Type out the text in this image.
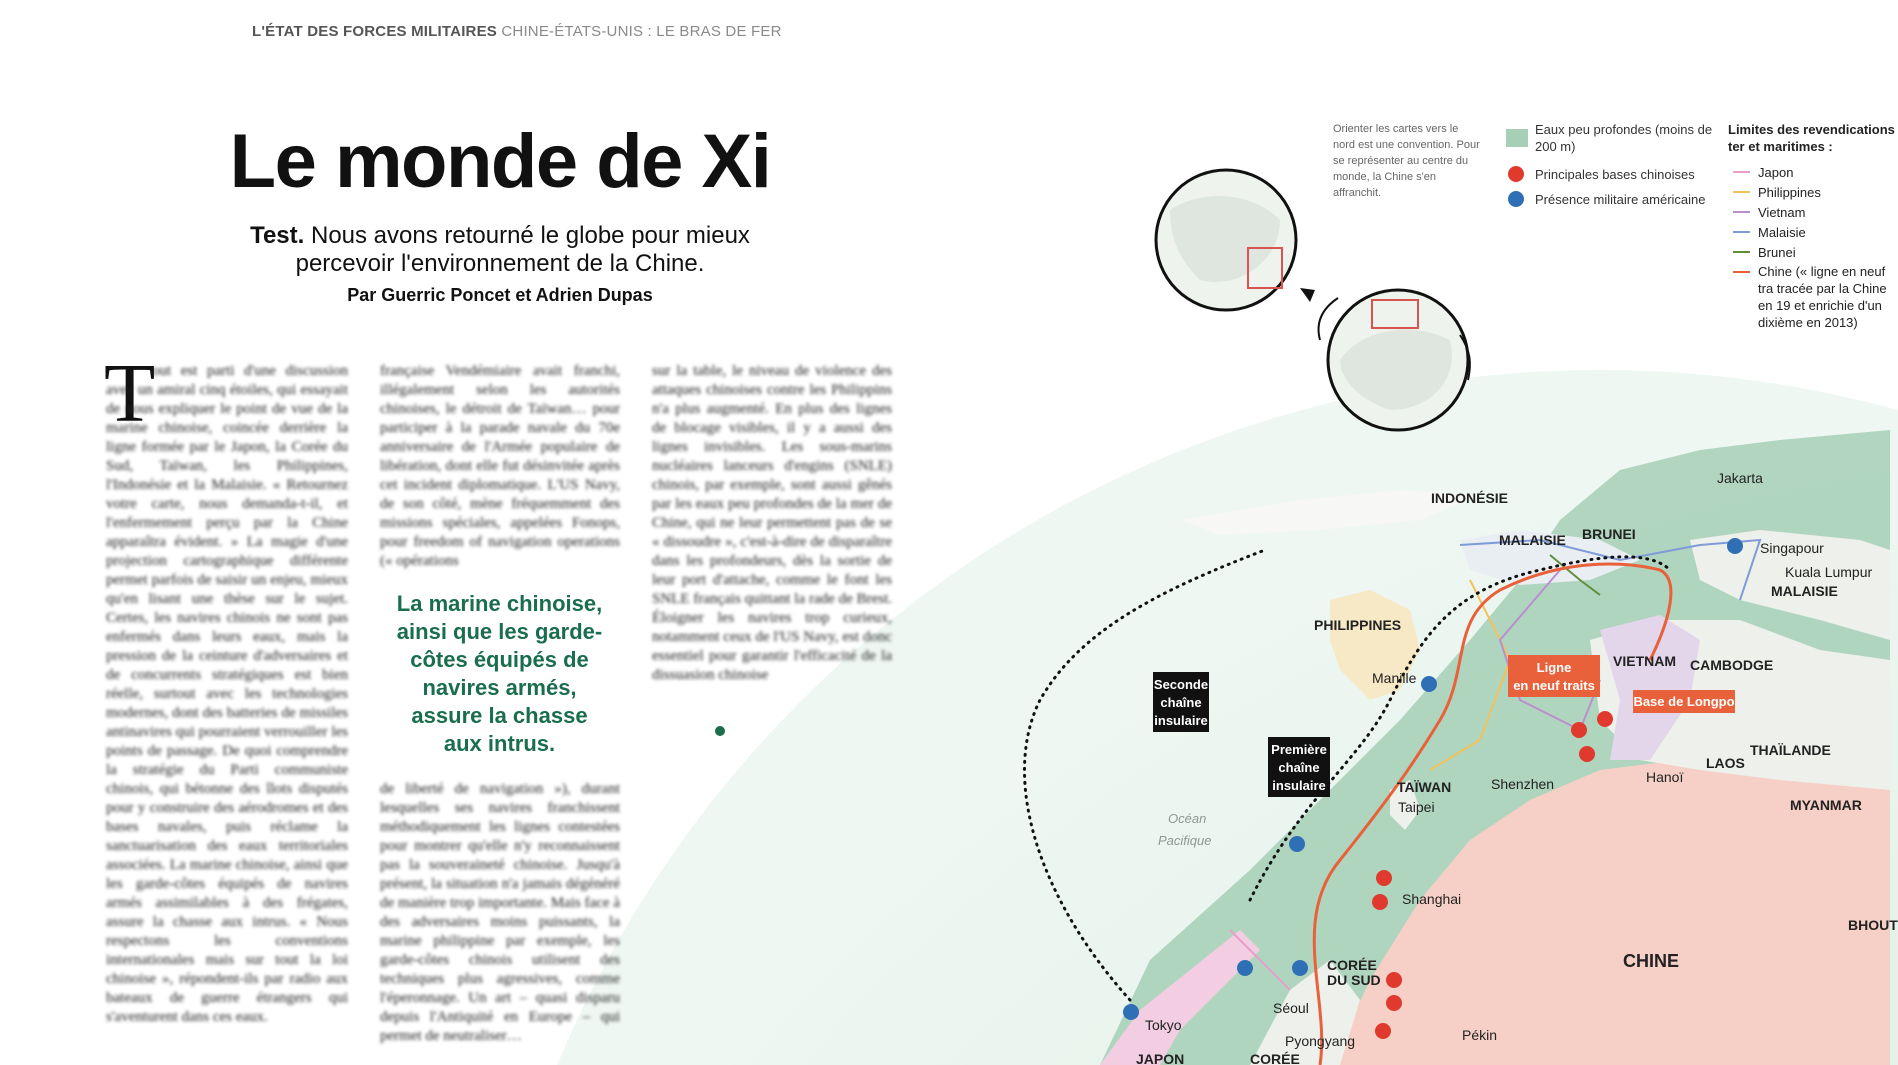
L'ÉTAT DES FORCES MILITAIRES CHINE-ÉTATS-UNIS : LE BRAS DE FER
Le monde de Xi
Test. Nous avons retourné le globe pour mieux percevoir l'environnement de la Chine.
Par Guerric Poncet et Adrien Dupas
INDONÉSIE
Jakarta
MALAISIE BRUNEI
Singapour
Kuala Lumpur
MALAISIE
PHILIPPINES
Manille
VIETNAM CAMBODGE
THAÏLANDE
LAOS
Hanoï
MYANMAR
TAÏWAN
Taipei
Shenzhen
Shanghai
CHINE
BHOUT
CORÉE
DU SUD
Séoul
Pyongyang	Pékin
Tokyo
JAPON	CORÉE
Océan
Pacifique
Seconde
chaîne
insulaire
Première
chaîne
insulaire
Ligne
en neuf traits
Base de Longpo
Orienter les cartes vers le nord est une convention. Pour se représenter au centre du monde, la Chine s'en affranchit.
Eaux peu profondes (moins de 200 m)
Principales bases chinoises
Présence militaire américaine
Limites des revendications ter et maritimes :
Japon
Philippines
Vietnam
Malaisie
Brunei
Chine (« ligne en neuf tra tracée par la Chine en 19 et enrichie d'un dixième en 2013)
T
out est parti d'une discussion avec un amiral cinq étoiles, qui essayait de nous expliquer le point de vue de la marine chinoise, coincée derrière la ligne formée par le Japon, la Corée du Sud, Taïwan, les Philippines, l'Indonésie et la Malaisie. « Retournez votre carte, nous demanda-t-il, et l'enfermement perçu par la Chine apparaîtra évident. » La magie d'une projection cartographique différente permet parfois de saisir un enjeu, mieux qu'en lisant une thèse sur le sujet. Certes, les navires chinois ne sont pas enfermés dans leurs eaux, mais la pression de la ceinture d'adversaires et de concurrents stratégiques est bien réelle, surtout avec les technologies modernes, dont des batteries de missiles antinavires qui pourraient verrouiller les points de passage. De quoi comprendre la stratégie du Parti communiste chinois, qui bétonne des îlots disputés pour y construire des aérodromes et des bases navales, puis réclame la sanctuarisation des eaux territoriales associées. La marine chinoise, ainsi que les garde-côtes équipés de navires armés assimilables à des frégates, assure la chasse aux intrus. « Nous respectons les conventions internationales mais sur tout la loi chinoise », répondent-ils par radio aux bateaux de guerre étrangers qui s'aventurent dans ces eaux.
française Vendémiaire avait franchi, illégalement selon les autorités chinoises, le détroit de Taïwan… pour participer à la parade navale du 70e anniversaire de l'Armée populaire de libération, dont elle fut désinvitée après cet incident diplomatique. L'US Navy, de son côté, mène fréquemment des missions spéciales, appelées Fonops, pour freedom of navigation operations (« opérations
La marine chinoise, ainsi que les garde-côtes équipés de navires armés, assure la chasse aux intrus.
de liberté de navigation »), durant lesquelles ses navires franchissent méthodiquement les lignes contestées pour montrer qu'elle n'y reconnaissent pas la souveraineté chinoise. Jusqu'à présent, la situation n'a jamais dégénéré de manière trop importante. Mais face à des adversaires moins puissants, la marine philippine par exemple, les garde-côtes chinois utilisent des techniques plus agressives, comme l'éperonnage. Un art – quasi disparu depuis l'Antiquité en Europe – qui permet de neutraliser…
sur la table, le niveau de violence des attaques chinoises contre les Philippins n'a plus augmenté. En plus des lignes de blocage visibles, il y a aussi des lignes invisibles. Les sous-marins nucléaires lanceurs d'engins (SNLE) chinois, par exemple, sont aussi gênés par les eaux peu profondes de la mer de Chine, qui ne leur permettent pas de se « dissoudre », c'est-à-dire de disparaître dans les profondeurs, dès la sortie de leur port d'attache, comme le font les SNLE français quittant la rade de Brest. Éloigner les navires trop curieux, notamment ceux de l'US Navy, est donc essentiel pour garantir l'efficacité de la dissuasion chinoise
